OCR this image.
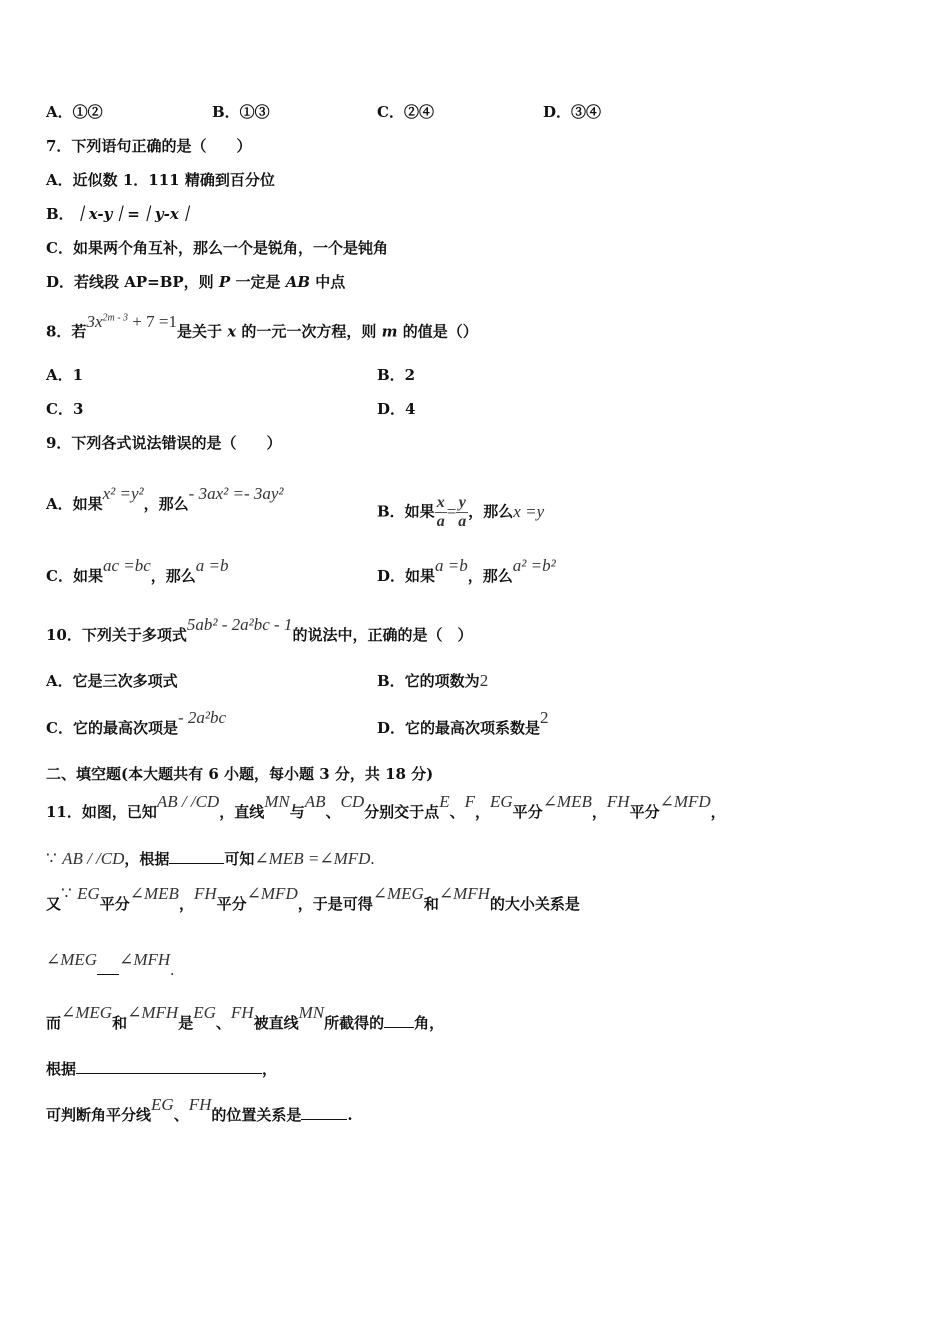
A．①②	B．①③	C．②④	D．③④
7．下列语句正确的是（　　）
A．近似数 1．111 精确到百分位
B．｜x-y｜=｜y-x｜
C．如果两个角互补，那么一个是锐角，一个是钝角
D．若线段 AP=BP，则 P 一定是 AB 中点
8．若$3x^{2m - 3} + 7 =1$是关于 x 的一元一次方程，则 m 的值是（）
A．1	B．2
C．3	D．4
9．下列各式说法错误的是（　　）
A．如果x² =y²，那么- 3ax² =- 3ay²
B．如果 $\frac{x}{a} = \frac{y}{a}$ ，那么x =y
C．如果ac =bc，那么a =b
D．如果a =b，那么a² =b²
10．下列关于多项式5ab² - 2a²bc - 1的说法中，正确的是（　）
A．它是三次多项式	B．它的项数为2
C．它的最高次项是- 2a²bc
D．它的最高次项系数是2
二、填空题(本大题共有 6 小题，每小题 3 分，共 18 分)
11．如图，已知AB / /CD，直线MN与AB、CD分别交于点E、F，EG平分∠MEB，FH平分∠MFD，
∵ AB / /CD，根据	可知∠MEB =∠MFD.
又∵ EG平分∠MEB，FH平分∠MFD，于是可得∠MEG和∠MFH的大小关系是
∠MEG ∠MFH.
而∠MEG和∠MFH是EG、FH被直线MN所截得的 角，
根据	，
可判断角平分线EG、FH的位置关系是	.
